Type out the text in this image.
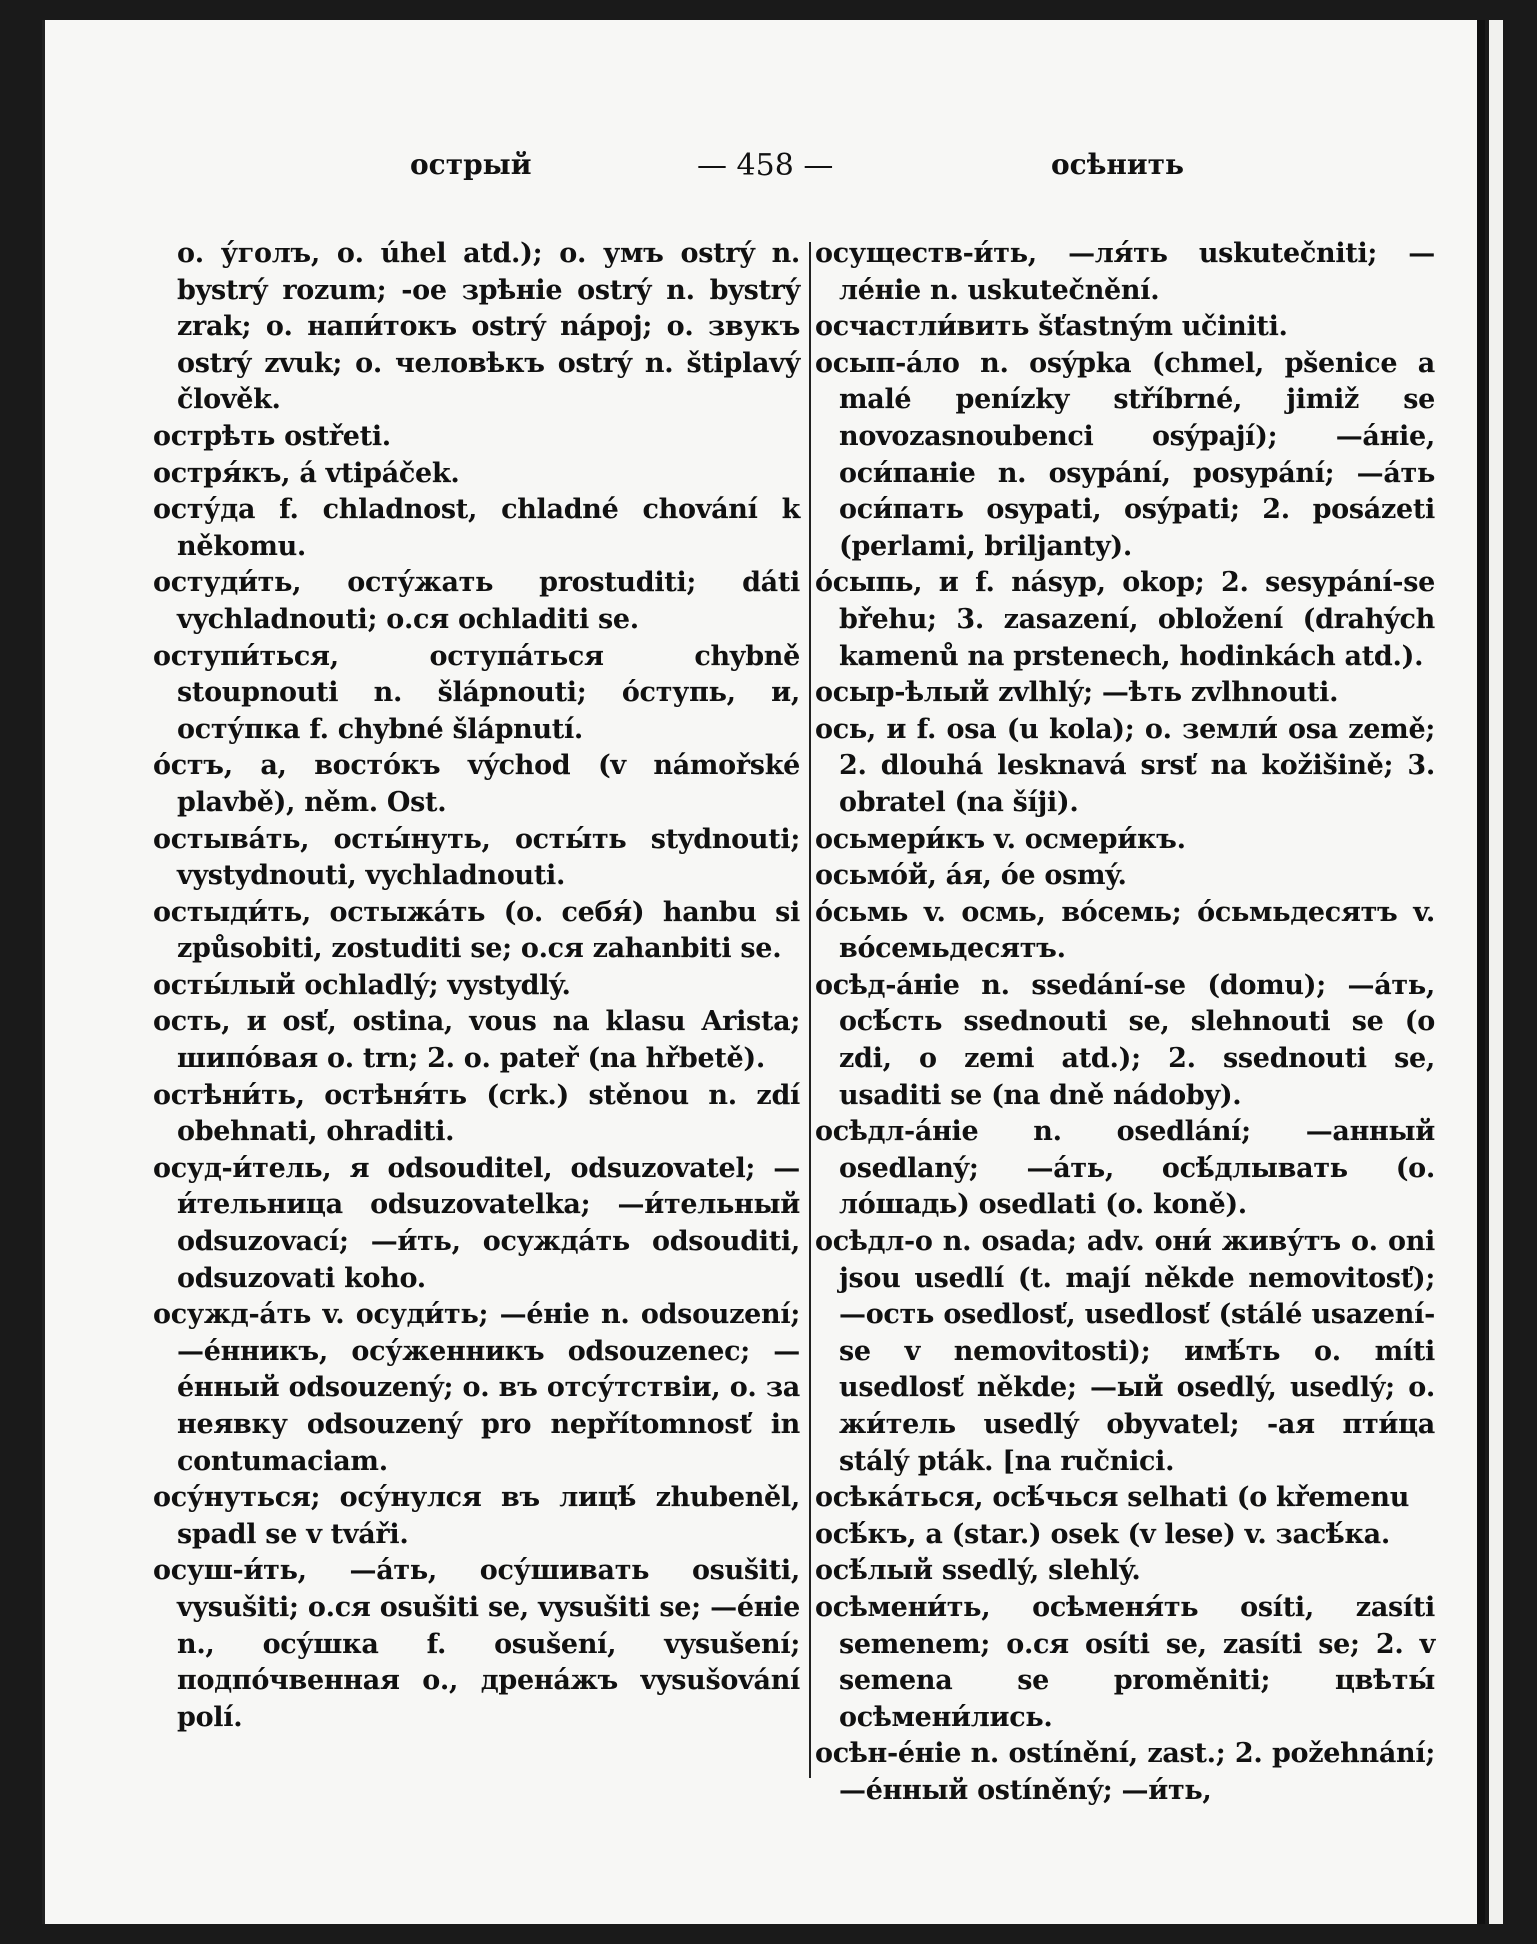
острый	— 458 —	осѣнить

о. у́голъ, о. úhel atd.); о. умъ ostrý n. bystrý rozum; -ое зрѣніе ostrý n. bystrý zrak; о. напи́токъ ostrý nápoj; о. звукъ ostrý zvuk; о. человѣкъ ostrý n. štiplavý člověk.

острѣть ostřeti.

остря́къ, á vtipáček.

осту́да f. chladnost, chladné chování k někomu.

остуди́ть, осту́жать prostuditi; dáti vychladnouti; о.ся ochladiti se.

оступи́ться, оступа́ться chybně stoupnouti n. šlápnouti; о́ступь, и, осту́пка f. chybné šlápnutí.

о́стъ, а, восто́къ východ (v námořské plavbě), něm. Ost.

остыва́ть, осты́нуть, осты́ть stydnouti; vystydnouti, vychladnouti.

остыди́ть, остыжа́ть (о. себя́) hanbu si způsobiti, zostuditi se; о.ся zahanbiti se.

осты́лый ochladlý; vystydlý.

ость, и osť, ostina, vous na klasu Arista; шипо́вая о. trn; 2. о. pateř (na hřbetě).

остѣни́ть, остѣня́ть (crk.) stěnou n. zdí obehnati, ohraditi.

осуд-и́тель, я odsouditel, odsuzovatel; —и́тельница odsuzovatelka; —и́тельный odsuzovací; —и́ть, осужда́ть odsouditi, odsuzovati koho.

осужд-а́ть v. осуди́ть; —е́ніе n. odsouzení; —е́нникъ, осу́женникъ odsouzenec; —е́нный odsouzený; о. въ отсу́тствіи, о. за неявку odsouzený pro nepřítomnosť in contumaciam.

осу́нуться; осу́нулся въ лицѣ́ zhubeněl, spadl se v tváři.

осуш-и́ть, —а́ть, осу́шивать osušiti, vysušiti; о.ся osušiti se, vysušiti se; —е́ніе n., осу́шка f. osušení, vysušení; подпо́чвенная о., дрена́жъ vysušování polí.

осуществ-и́ть, —ля́ть uskutečniti; —ле́ніе n. uskutečnění.

осчастли́вить šťastným učiniti.

осып-а́ло n. osýpka (chmel, pšenice a malé penízky stříbrné, jimiž se novozasnoubenci osýpají); —а́ніе, оси́паніе n. osypání, posypání; —а́ть оси́пать osypati, osýpati; 2. posázeti (perlami, briljanty).

о́сыпь, и f. násyp, okop; 2. sesypání-se břehu; 3. zasazení, obložení (drahých kamenů na prstenech, hodinkách atd.).

осыр-ѣлый zvlhlý; —ѣть zvlhnouti.

ось, и f. osa (u kola); о. земли́ osa země; 2. dlouhá lesknavá srsť na kožišině; 3. obratel (na šíji).

осьмери́къ v. осмери́къ.

осьмо́й, а́я, о́е osmý.

о́сьмь v. осмь, во́семь; о́сьмьдесятъ v. во́семьдесятъ.

осѣд-а́ніе n. ssedání-se (domu); —а́ть, осѣ́сть ssednouti se, slehnouti se (o zdi, o zemi atd.); 2. ssednouti se, usaditi se (na dně nádoby).

осѣдл-а́ніе n. osedlání; —анный osedlaný; —а́ть, осѣ́длывать (о. ло́шадь) osedlati (o. koně).

осѣдл-о n. osada; adv. они́ живу́тъ о. oni jsou usedlí (t. mají někde nemovitosť); —ость osedlosť, usedlosť (stálé usazení-se v nemovitosti); имѣ́ть о. míti usedlosť někde; —ый osedlý, usedlý; о. жи́тель usedlý obyvatel; -ая пти́ца stálý pták. [na ručnici.

осѣка́ться, осѣ́чься selhati (o křemenu

осѣ́къ, а (star.) osek (v lese) v. засѣ́ка.

осѣ́лый ssedlý, slehlý.

осѣмени́ть, осѣменя́ть osíti, zasíti semenem; о.ся osíti se, zasíti se; 2. v semena se proměniti; цвѣты́ осѣмени́лись.

осѣн-е́ніе n. ostínění, zast.; 2. požehnání; —е́нный ostíněný; —и́ть,
